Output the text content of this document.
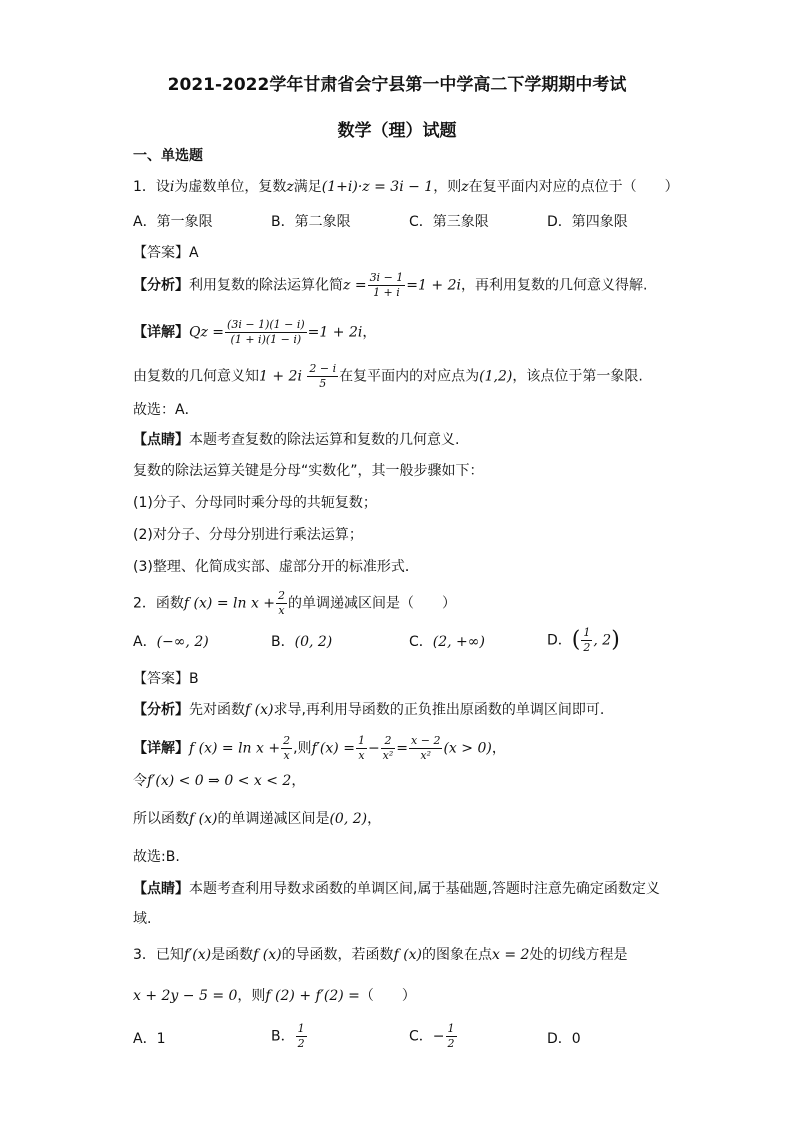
2021-2022学年甘肃省会宁县第一中学高二下学期期中考试
数学（理）试题
一、单选题
1．设i为虚数单位，复数z满足(1+i)·z = 3i − 1，则z在复平面内对应的点位于（　　）
A．第一象限	B．第二象限	C．第三象限	D．第四象限
【答案】A
【分析】利用复数的除法运算化简$z = \frac{3i - 1}{1 + i} =1 + 2i$，再利用复数的几何意义得解.
【详解】$Qz = \frac{(3i - 1)(1 - i)}{(1 + i)(1 - i)} =1 + 2i$，
由复数的几何意义知$1 + 2i \frac{2 - i}{5}$ 在复平面内的对应点为(1,2)，该点位于第一象限.
故选：A．
【点睛】本题考查复数的除法运算和复数的几何意义.
复数的除法运算关键是分母“实数化”，其一般步骤如下：
(1)分子、分母同时乘分母的共轭复数；
(2)对分子、分母分别进行乘法运算；
(3)整理、化简成实部、虚部分开的标准形式．
2．函数f $(x) = \ln x + \frac{2}{x}$ 的单调递减区间是（　　）
A．(−∞, 2)	B．(0, 2)	C．(2, +∞)	D．( $\frac{1}{2}$ , 2)
【答案】B
【分析】先对函数f (x)求导,再利用导函数的正负推出原函数的单调区间即可.
【详解】f $(x) = \ln x + \frac{2}{x}$ ,则$f'(x) = \frac{1}{x} - \frac{2}{\text{x²}} = \frac{x - 2}{\text{x²}} (x > 0)$，
令f′(x) < 0 ⇒ 0 < x < 2，
所以函数f (x)的单调递减区间是(0, 2)，
故选:B.
【点睛】本题考查利用导数求函数的单调区间,属于基础题,答题时注意先确定函数定义
域.
3．已知f′(x)是函数f (x)的导函数，若函数f (x)的图象在点x = 2处的切线方程是
x + 2y − 5 = 0，则f (2) + f′(2) =（　　）
A．1	B． $\frac{1}{2}$	C．− $\frac{1}{2}$	D．0
